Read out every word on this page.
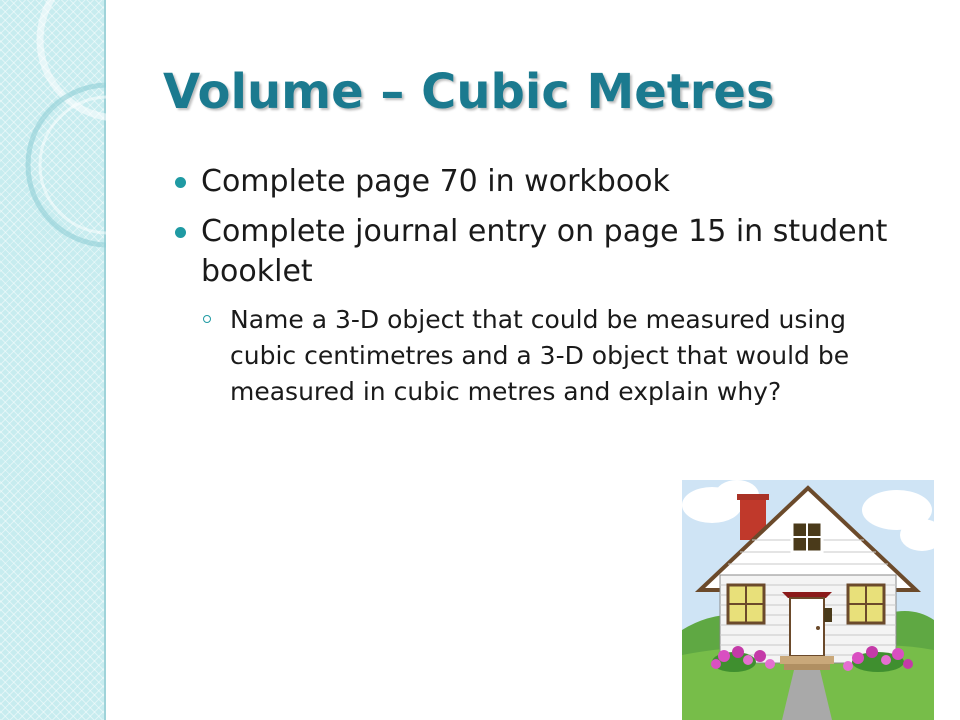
Volume – Cubic Metres
Complete page 70 in workbook
Complete journal entry on page 15 in student booklet
Name a 3-D object that could be measured using cubic centimetres and a 3-D object that would be measured in cubic metres and explain why?
